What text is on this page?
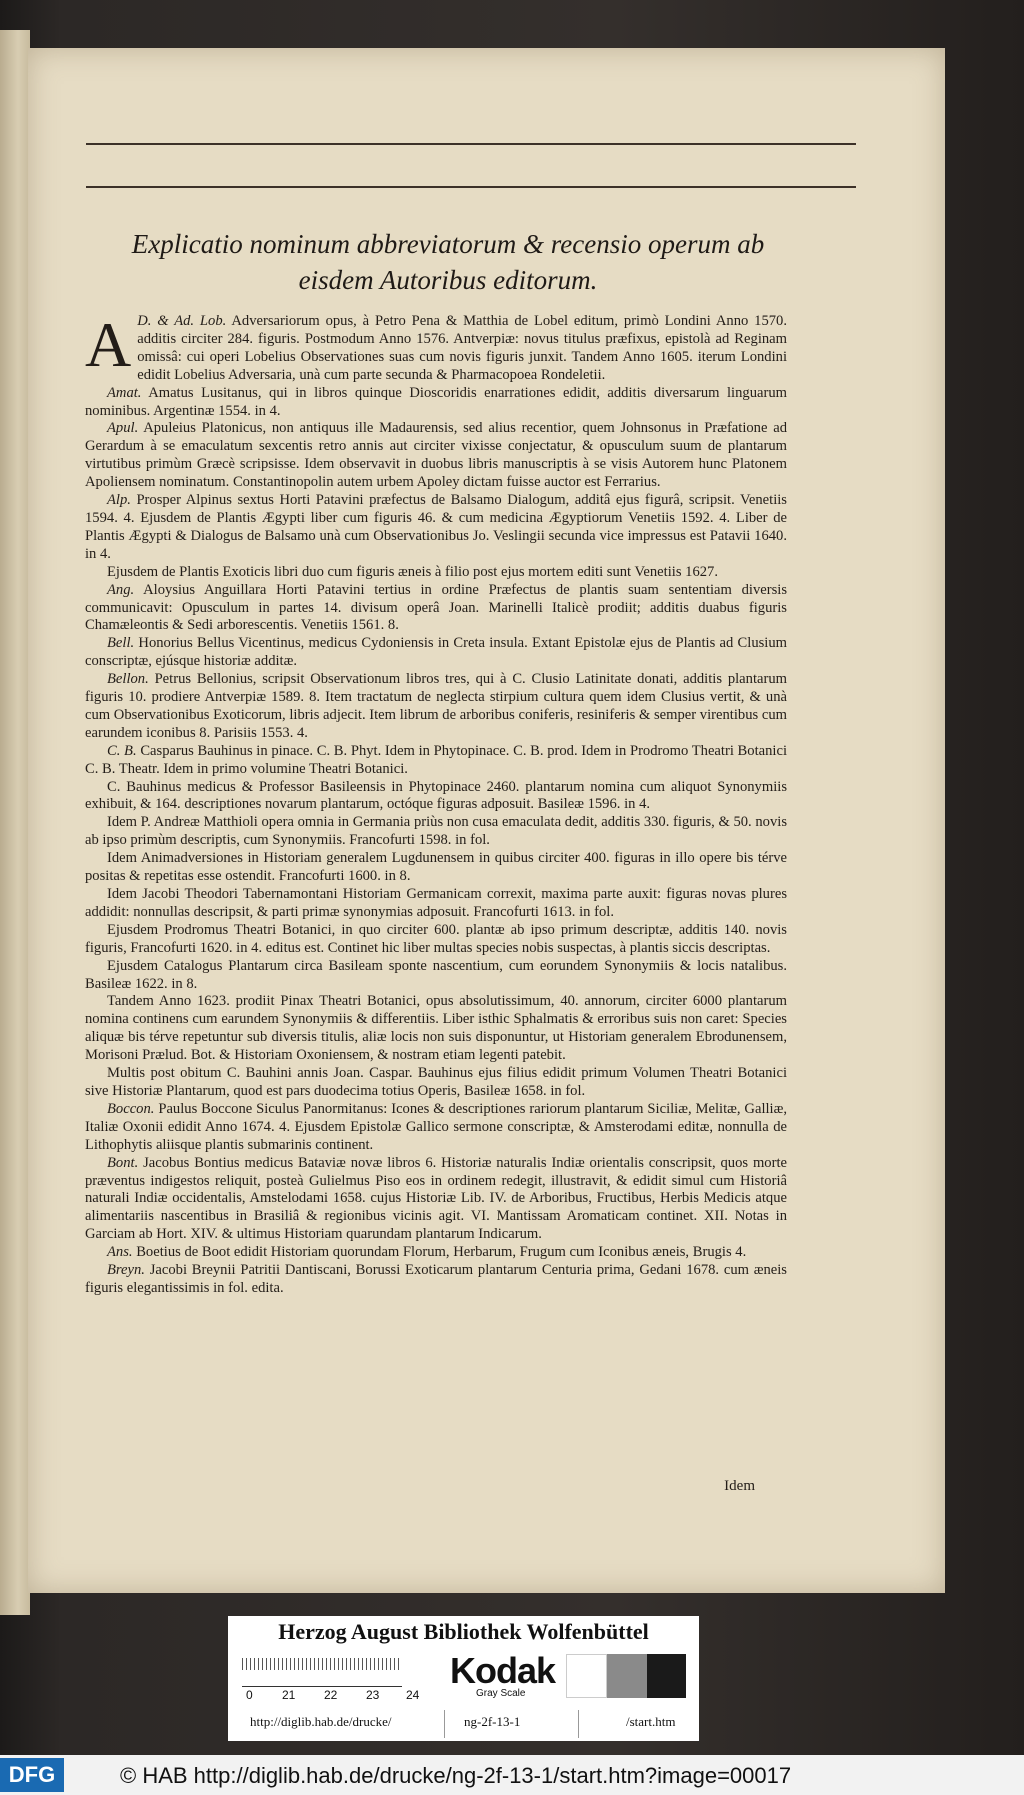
Explicatio nominum abbreviatorum & recensio operum ab eisdem Autoribus editorum.

A D. & Ad. Lob. Adversariorum opus, à Petro Pena & Matthia de Lobel editum, primò Londini Anno 1570. additis circiter 284. figuris. Postmodum Anno 1576. Antverpiæ: novus titulus præfixus, epistolà ad Reginam omissâ: cui operi Lobelius Observationes suas cum novis figuris junxit. Tandem Anno 1605. iterum Londini edidit Lobelius Adversaria, unà cum parte secunda & Pharmacopoea Rondeletii.

Amat. Amatus Lusitanus, qui in libros quinque Dioscoridis enarrationes edidit, additis diversarum linguarum nominibus. Argentinæ 1554. in 4.

Apul. Apuleius Platonicus, non antiquus ille Madaurensis, sed alius recentior, quem Johnsonus in Præfatione ad Gerardum à se emaculatum sexcentis retro annis aut circiter vixisse conjectatur, & opusculum suum de plantarum virtutibus primùm Græcè scripsisse. Idem observavit in duobus libris manuscriptis à se visis Autorem hunc Platonem Apoliensem nominatum. Constantinopolin autem urbem Apoley dictam fuisse auctor est Ferrarius.

Alp. Prosper Alpinus sextus Horti Patavini præfectus de Balsamo Dialogum, additâ ejus figurâ, scripsit. Venetiis 1594. 4. Ejusdem de Plantis Ægypti liber cum figuris 46. & cum medicina Ægyptiorum Venetiis 1592. 4. Liber de Plantis Ægypti & Dialogus de Balsamo unà cum Observationibus Jo. Veslingii secunda vice impressus est Patavii 1640. in 4.

Ejusdem de Plantis Exoticis libri duo cum figuris æneis à filio post ejus mortem editi sunt Venetiis 1627.

Ang. Aloysius Anguillara Horti Patavini tertius in ordine Præfectus de plantis suam sententiam diversis communicavit: Opusculum in partes 14. divisum operâ Joan. Marinelli Italicè prodiit; additis duabus figuris Chamæleontis & Sedi arborescentis. Venetiis 1561. 8.

Bell. Honorius Bellus Vicentinus, medicus Cydoniensis in Creta insula. Extant Epistolæ ejus de Plantis ad Clusium conscriptæ, ejúsque historiæ additæ.

Bellon. Petrus Bellonius, scripsit Observationum libros tres, qui à C. Clusio Latinitate donati, additis plantarum figuris 10. prodiere Antverpiæ 1589. 8. Item tractatum de neglecta stirpium cultura quem idem Clusius vertit, & unà cum Observationibus Exoticorum, libris adjecit. Item librum de arboribus coniferis, resiniferis & semper virentibus cum earundem iconibus 8. Parisiis 1553. 4.

C. B. Casparus Bauhinus in pinace. C. B. Phyt. Idem in Phytopinace. C. B. prod. Idem in Prodromo Theatri Botanici C. B. Theatr. Idem in primo volumine Theatri Botanici.

C. Bauhinus medicus & Professor Basileensis in Phytopinace 2460. plantarum nomina cum aliquot Synonymiis exhibuit, & 164. descriptiones novarum plantarum, octóque figuras adposuit. Basileæ 1596. in 4.

Idem P. Andreæ Matthioli opera omnia in Germania priùs non cusa emaculata dedit, additis 330. figuris, & 50. novis ab ipso primùm descriptis, cum Synonymiis. Francofurti 1598. in fol.

Idem Animadversiones in Historiam generalem Lugdunensem in quibus circiter 400. figuras in illo opere bis térve positas & repetitas esse ostendit. Francofurti 1600. in 8.

Idem Jacobi Theodori Tabernamontani Historiam Germanicam correxit, maxima parte auxit: figuras novas plures addidit: nonnullas descripsit, & parti primæ synonymias adposuit. Francofurti 1613. in fol.

Ejusdem Prodromus Theatri Botanici, in quo circiter 600. plantæ ab ipso primum descriptæ, additis 140. novis figuris, Francofurti 1620. in 4. editus est. Continet hic liber multas species nobis suspectas, à plantis siccis descriptas.

Ejusdem Catalogus Plantarum circa Basileam sponte nascentium, cum eorundem Synonymiis & locis natalibus. Basileæ 1622. in 8.

Tandem Anno 1623. prodiit Pinax Theatri Botanici, opus absolutissimum, 40. annorum, circiter 6000 plantarum nomina continens cum earundem Synonymiis & differentiis. Liber isthic Sphalmatis & erroribus suis non caret: Species aliquæ bis térve repetuntur sub diversis titulis, aliæ locis non suis disponuntur, ut Historiam generalem Ebrodunensem, Morisoni Prælud. Bot. & Historiam Oxoniensem, & nostram etiam legenti patebit.

Multis post obitum C. Bauhini annis Joan. Caspar. Bauhinus ejus filius edidit primum Volumen Theatri Botanici sive Historiæ Plantarum, quod est pars duodecima totius Operis, Basileæ 1658. in fol.

Boccon. Paulus Boccone Siculus Panormitanus: Icones & descriptiones rariorum plantarum Siciliæ, Melitæ, Galliæ, Italiæ Oxonii edidit Anno 1674. 4. Ejusdem Epistolæ Gallico sermone conscriptæ, & Amsterodami editæ, nonnulla de Lithophytis aliisque plantis submarinis continent.

Bont. Jacobus Bontius medicus Bataviæ novæ libros 6. Historiæ naturalis Indiæ orientalis conscripsit, quos morte præventus indigestos reliquit, posteà Gulielmus Piso eos in ordinem redegit, illustravit, & edidit simul cum Historiâ naturali Indiæ occidentalis, Amstelodami 1658. cujus Historiæ Lib. IV. de Arboribus, Fructibus, Herbis Medicis atque alimentariis nascentibus in Brasiliâ & regionibus vicinis agit. VI. Mantissam Aromaticam continet. XII. Notas in Garciam ab Hort. XIV. & ultimus Historiam quarundam plantarum Indicarum.

Ans. Boetius de Boot edidit Historiam quorundam Florum, Herbarum, Frugum cum Iconibus æneis, Brugis 4.

Breyn. Jacobi Breynii Patritii Dantiscani, Borussi Exoticarum plantarum Centuria prima, Gedani 1678. cum æneis figuris elegantissimis in fol. edita.

Idem
Herzog August Bibliothek Wolfenbüttel
0 21 22 23 24
Kodak
Gray Scale
http://diglib.hab.de/drucke/	ng-2f-13-1	/start.htm
DFG	© HAB http://diglib.hab.de/drucke/ng-2f-13-1/start.htm?image=00017
